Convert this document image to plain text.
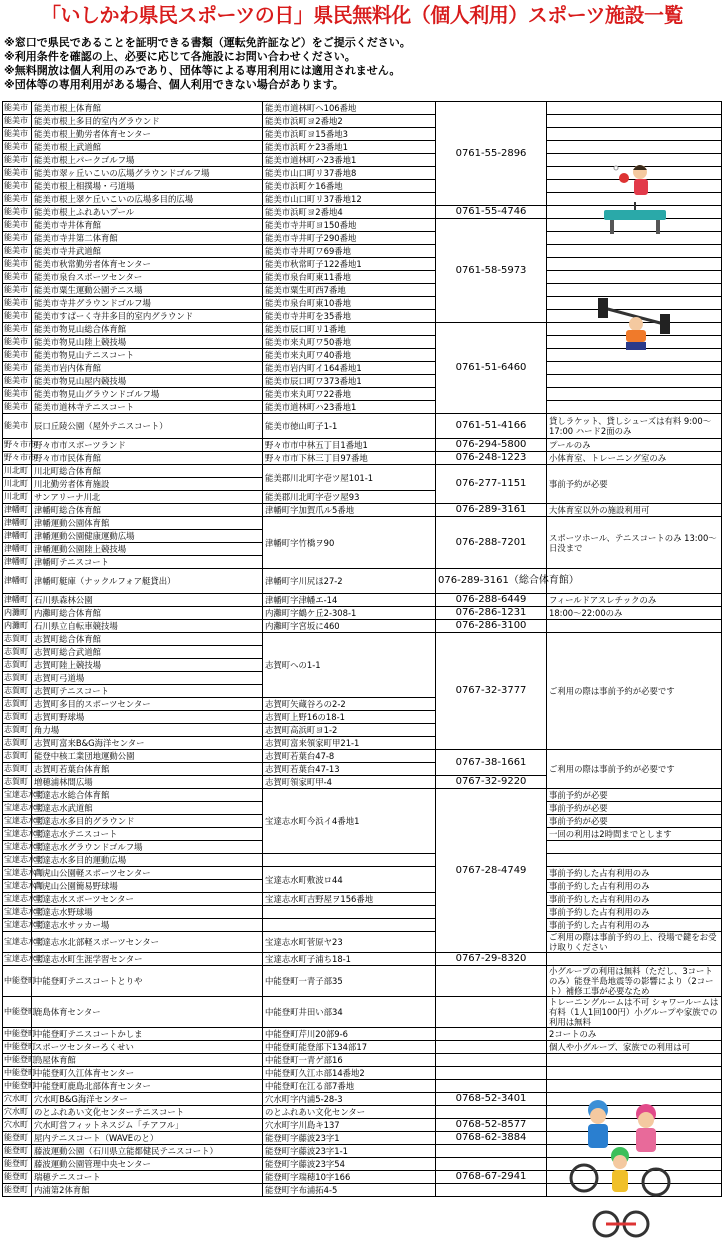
「いしかわ県民スポーツの日」県民無料化（個人利用）スポーツ施設一覧
※窓口で県民であることを証明できる書類（運転免許証など）をご提示ください。
※利用条件を確認の上、必要に応じて各施設にお問い合わせください。
※無料開放は個人利用のみであり、団体等による専用利用には適用されません。
※団体等の専用利用がある場合、個人利用できない場合があります。
能美市	能美市根上体育館	能美市道林町ヘ106番地	0761-55-2896	
能美市	能美市根上多目的室内グラウンド	能美市浜町ヨ2番地2		
能美市	能美市根上勤労者体育センター	能美市浜町ヨ15番地3		
能美市	能美市根上武道館	能美市浜町ケ23番地1		
能美市	能美市根上パークゴルフ場	能美市道林町ハ23番地1		
能美市	能美市翠ヶ丘いこいの広場グラウンドゴルフ場	能美市山口町リ37番地8		
能美市	能美市根上相撲場・弓道場	能美市浜町ケ16番地		
能美市	能美市根上翠ケ丘いこいの広場多目的広場	能美市山口町リ37番地12		
能美市	能美市根上ふれあいプール	能美市浜町ヨ2番地4	0761-55-4746	
能美市	能美市寺井体育館	能美市寺井町ヨ150番地	0761-58-5973	
能美市	能美市寺井第二体育館	能美市寺井町子290番地		
能美市	能美市寺井武道館	能美市寺井町ワ69番地		
能美市	能美市秋常勤労者体育センター	能美市秋常町子122番地1		
能美市	能美市泉台スポーツセンター	能美市泉台町東11番地		
能美市	能美市粟生運動公園テニス場	能美市粟生町西7番地		
能美市	能美市寺井グラウンドゴルフ場	能美市泉台町東10番地		
能美市	能美市すぱーく寺井多目的室内グラウンド	能美市寺井町を35番地		
能美市	能美市物見山総合体育館	能美市辰口町リ1番地	0761-51-6460	
能美市	能美市物見山陸上競技場	能美市来丸町ワ50番地		
能美市	能美市物見山テニスコート	能美市来丸町ワ40番地		
能美市	能美市岩内体育館	能美市岩内町イ164番地1		
能美市	能美市物見山屋内競技場	能美市辰口町ワ373番地1		
能美市	能美市物見山グラウンドゴルフ場	能美市来丸町ワ22番地		
能美市	能美市道林寺テニスコート	能美市道林町ハ23番地1		
能美市	辰口丘陵公園（屋外テニスコート）	能美市徳山町子1-1	0761-51-4166	貸しラケット、貸しシューズは有料 9:00～17:00 ハード2面のみ
野々市市	野々市市スポーツランド	野々市市中林五丁目1番地1	076-294-5800	プールのみ
野々市市	野々市市民体育館	野々市市下林三丁目97番地	076-248-1223	小体育室、トレーニング室のみ
川北町	川北町総合体育館	能美郡川北町字壱ツ屋101-1	076-277-1151	事前予約が必要
川北町	川北勤労者体育施設			
川北町	サンアリーナ川北	能美郡川北町字壱ツ屋93		
津幡町	津幡町総合体育館	津幡町字加賀爪ル5番地	076-289-3161	大体育室以外の施設利用可
津幡町	津幡運動公園体育館	津幡町字竹橋ヲ90	076-288-7201	スポーツホール、テニスコートのみ 13:00～日没まで
津幡町	津幡運動公園健康運動広場			
津幡町	津幡運動公園陸上競技場			
津幡町	津幡町テニスコート			
津幡町	津幡町艇庫（ナックルフォア艇貸出）	津幡町字川尻ほ27-2	076-289-3161（総合体育館）	
津幡町	石川県森林公園	津幡町字津幡エ-14	076-288-6449	フィールドアスレチックのみ
内灘町	内灘町総合体育館	内灘町字鶴ケ丘2-308-1	076-286-1231	18:00～22:00のみ
内灘町	石川県立自転車競技場	内灘町字宮坂に460	076-286-3100	
志賀町	志賀町総合体育館	志賀町への1-1	0767-32-3777	ご利用の際は事前予約が必要です
志賀町	志賀町総合武道館			
志賀町	志賀町陸上競技場			
志賀町	志賀町弓道場			
志賀町	志賀町テニスコート			
志賀町	志賀町多目的スポーツセンター	志賀町矢蔵谷ろの2-2		
志賀町	志賀町野球場	志賀町上野16の18-1		
志賀町	角力場	志賀町高浜町ヨ1-2		
志賀町	志賀町富来B&G海洋センター	志賀町富来領家町甲21-1		
志賀町	能登中核工業団地運動公園	志賀町若葉台47-8	0767-38-1661	ご利用の際は事前予約が必要です
志賀町	志賀町若葉台体育館	志賀町若葉台47-13		
志賀町	増穂浦林間広場	志賀町領家町甲-4	0767-32-9220	
宝達志水町	宝達志水総合体育館	宝達志水町今浜イ4番地1	0767-28-4749	事前予約が必要
宝達志水町	宝達志水武道館			事前予約が必要
宝達志水町	宝達志水多目的グラウンド			事前予約が必要
宝達志水町	宝達志水テニスコート			一回の利用は2時間までとします
宝達志水町	宝達志水グラウンドゴルフ場			
宝達志水町	宝達志水多目的運動広場			
宝達志水町	白虎山公園軽スポーツセンター	宝達志水町敷波ロ44		事前予約した占有利用のみ
宝達志水町	白虎山公園簡易野球場			事前予約した占有利用のみ
宝達志水町	宝達志水スポーツセンター	宝達志水町吉野屋ヲ156番地		事前予約した占有利用のみ
宝達志水町	宝達志水野球場			事前予約した占有利用のみ
宝達志水町	宝達志水サッカー場			事前予約した占有利用のみ
宝達志水町	宝達志水北部軽スポーツセンター	宝達志水町菅原ヤ23		ご利用の際は事前予約の上、役場で鍵をお受け取りください
宝達志水町	宝達志水町生涯学習センター	宝達志水町子浦ち18-1	0767-29-8320	
中能登町	中能登町テニスコートとりや	中能登町一青子部35		小グループの利用は無料（ただし、3コートのみ）能登半島地震等の影響により（2コート）補修工事が必要なため
中能登町	鹿島体育センター	中能登町井田い部34		トレーニングルームは不可 シャワールームは有料（1人1回100円）小グループや家族での利用は無料
中能登町	中能登町テニスコートかしま	中能登町芹川20部9-6		2コートのみ
中能登町	スポーツセンターろくせい	中能登町能登部下134部17		個人や小グループ、家族での利用は可
中能登町	鳥屋体育館	中能登町一青ゲ部16		
中能登町	中能登町久江体育センター	中能登町久江ホ部14番地2		
中能登町	中能登町鹿島北部体育センター	中能登町在江る部7番地		
穴水町	穴水町B&G海洋センター	穴水町字内浦5-28-3	0768-52-3401	
穴水町	のとふれあい文化センターテニスコート	のとふれあい文化センター		
穴水町	穴水町営フィットネスジム「チアフル」	穴水町字川島キ137	0768-52-8577	
能登町	屋内テニスコート（WAVEのと）	能登町字藤波23字1	0768-62-3884	
能登町	藤波運動公園（石川県立能都健民テニスコート）	能登町字藤波23字1-1		
能登町	藤波運動公園管理中央センター	能登町字藤波23字54		
能登町	瑞穂テニスコート	能登町字瑞穂10字166	0768-67-2941	
能登町	内浦第2体育館	能登町字布浦拓4-5		
